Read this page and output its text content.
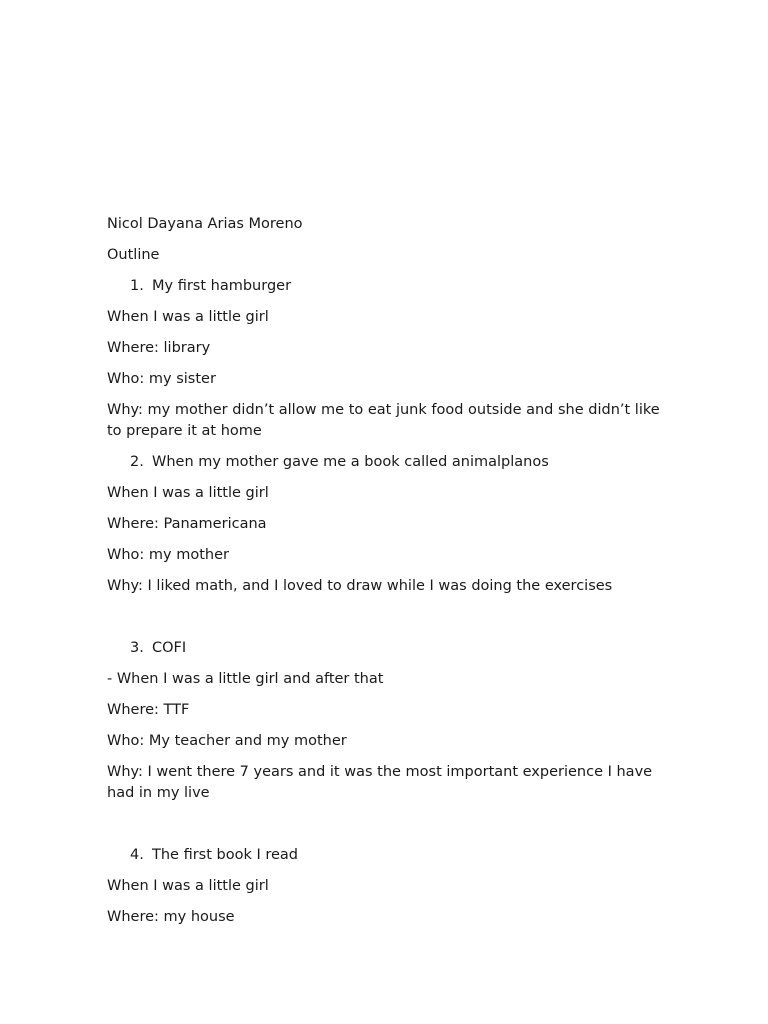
Nicol Dayana Arias Moreno

Outline

1. My first hamburger

When I was a little girl

Where: library

Who: my sister

Why: my mother didn’t allow me to eat junk food outside and she didn’t like to prepare it at home

2. When my mother gave me a book called animalplanos

When I was a little girl

Where: Panamericana

Who: my mother

Why: I liked math, and I loved to draw while I was doing the exercises

3. COFI

- When I was a little girl and after that

Where: TTF

Who: My teacher and my mother

Why: I went there 7 years and it was the most important experience I have had in my live

4. The first book I read

When I was a little girl

Where: my house
